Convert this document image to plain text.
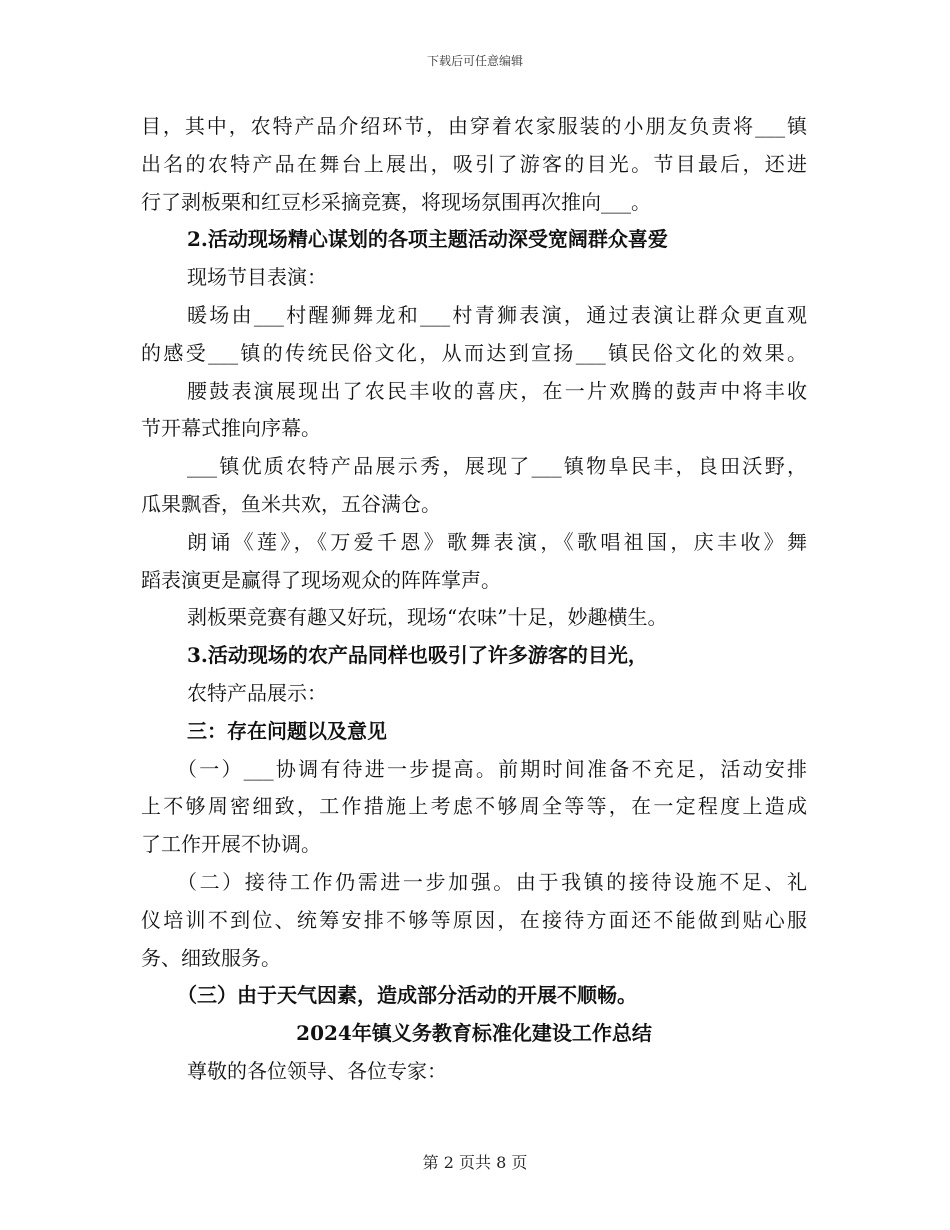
下载后可任意编辑
目，其中，农特产品介绍环节，由穿着农家服装的小朋友负责将___镇
出名的农特产品在舞台上展出，吸引了游客的目光。节目最后，还进
行了剥板栗和红豆杉采摘竞赛，将现场氛围再次推向___。
2.活动现场精心谋划的各项主题活动深受宽阔群众喜爱
现场节目表演：
暖场由___村醒狮舞龙和___村青狮表演，通过表演让群众更直观
的感受___镇的传统民俗文化，从而达到宣扬___镇民俗文化的效果。
腰鼓表演展现出了农民丰收的喜庆，在一片欢腾的鼓声中将丰收
节开幕式推向序幕。
___镇优质农特产品展示秀，展现了___镇物阜民丰，良田沃野，
瓜果飘香，鱼米共欢，五谷满仓。
朗诵《莲》，《万爱千恩》歌舞表演，《歌唱祖国，庆丰收》舞
蹈表演更是赢得了现场观众的阵阵掌声。
剥板栗竞赛有趣又好玩，现场“农味”十足，妙趣横生。
3.活动现场的农产品同样也吸引了许多游客的目光，
农特产品展示：
三：存在问题以及意见
（一）___协调有待进一步提高。前期时间准备不充足，活动安排
上不够周密细致，工作措施上考虑不够周全等等，在一定程度上造成
了工作开展不协调。
（二）接待工作仍需进一步加强。由于我镇的接待设施不足、礼
仪培训不到位、统筹安排不够等原因，在接待方面还不能做到贴心服
务、细致服务。
（三）由于天气因素，造成部分活动的开展不顺畅。
2024年镇义务教育标准化建设工作总结
尊敬的各位领导、各位专家：
第 2 页共 8 页
